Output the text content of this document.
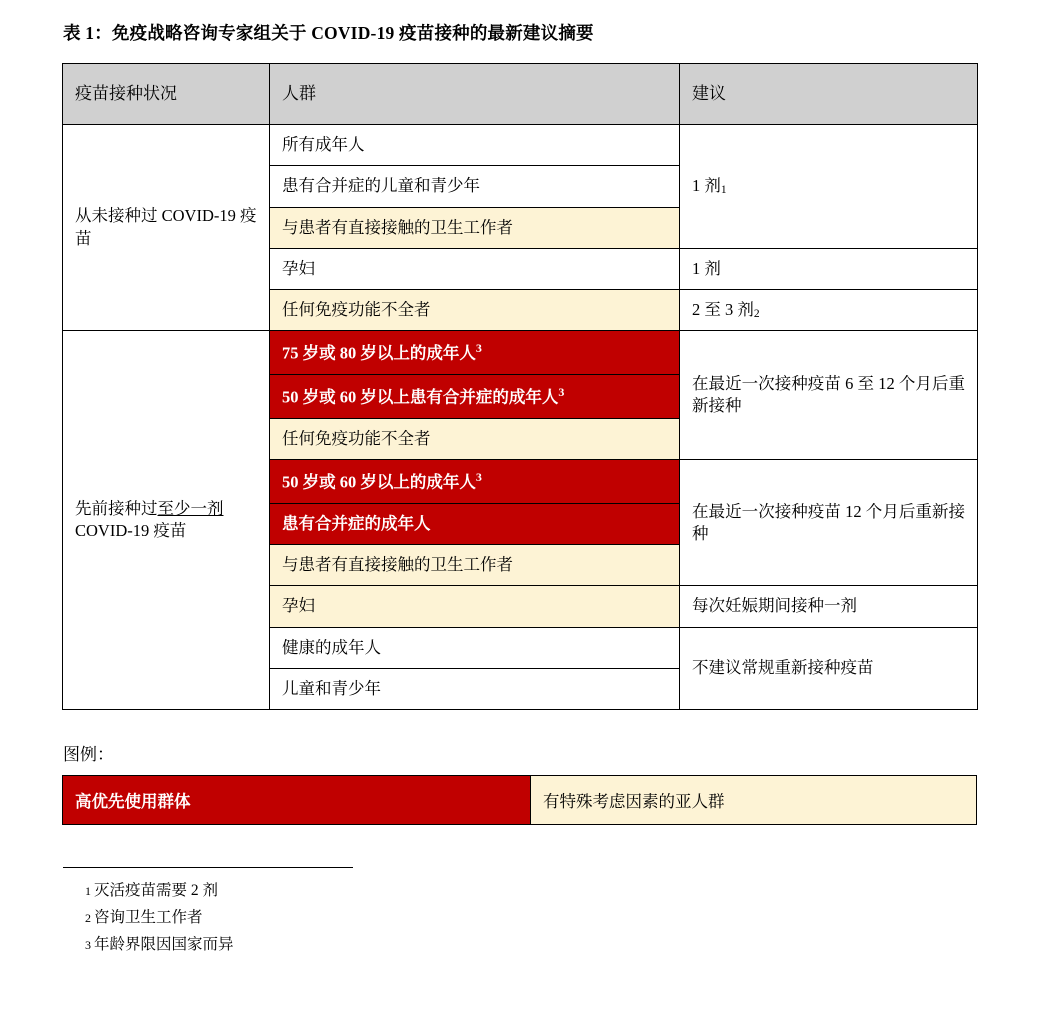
表 1：免疫战略咨询专家组关于 COVID-19 疫苗接种的最新建议摘要
疫苗接种状况	人群	建议
从未接种过 COVID-19 疫苗	所有成年人	1 剂$^1$
	患有合并症的儿童和青少年	
	与患者有直接接触的卫生工作者	
	孕妇	1 剂
	任何免疫功能不全者	2 至 3 剂$^2$
先前接种过至少一剂 COVID-19 疫苗	75 岁或 80 岁以上的成年人$^3$	在最近一次接种疫苗 6 至 12 个月后重新接种
	50 岁或 60 岁以上患有合并症的成年人$^3$
	任何免疫功能不全者	
	50 岁或 60 岁以上的成年人$^3$	在最近一次接种疫苗 12 个月后重新接种
	患有合并症的成年人	
	与患者有直接接触的卫生工作者	
	孕妇	每次妊娠期间接种一剂
	健康的成年人	不建议常规重新接种疫苗
	儿童和青少年	
图例：
高优先使用群体	有特殊考虑因素的亚人群
1 灭活疫苗需要 2 剂
2 咨询卫生工作者
3 年龄界限因国家而异
